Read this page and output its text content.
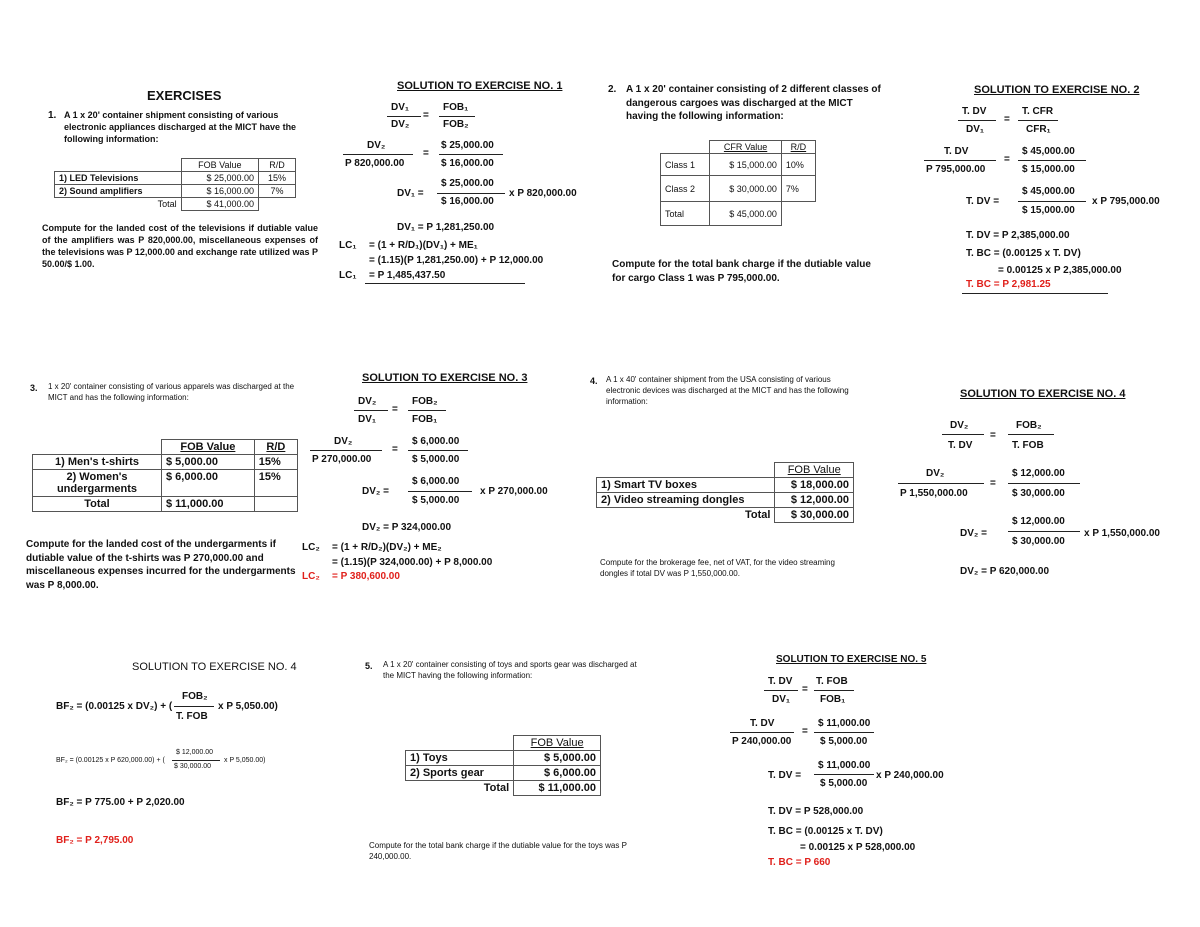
EXERCISES
1. A 1 x 20' container shipment consisting of various electronic appliances discharged at the MICT have the following information:
	FOB Value	R/D
1) LED Televisions	$ 25,000.00	15%
2) Sound amplifiers	$ 16,000.00	7%
Total	$ 41,000.00	
Compute for the landed cost of the televisions if dutiable value of the amplifiers was P 820,000.00, miscellaneous expenses of the televisions was P 12,000.00 and exchange rate utilized was P 50.00/$ 1.00.
SOLUTION TO EXERCISE NO. 1
DV₁
DV₂
=
FOB₁
FOB₂
DV₂
P 820,000.00
=
$ 25,000.00
$ 16,000.00
DV₁ =
$ 25,000.00
$ 16,000.00
x P 820,000.00
DV₁ = P 1,281,250.00
LC₁ = (1 + R/D₁)(DV₁) + ME₁
= (1.15)(P 1,281,250.00) + P 12,000.00
LC₁ = P 1,485,437.50
2. A 1 x 20' container consisting of 2 different classes of dangerous cargoes was discharged at the MICT having the following information:
	CFR Value	R/D
Class 1	$ 15,000.00	10%
Class 2	$ 30,000.00	7%
Total	$ 45,000.00	
Compute for the total bank charge if the dutiable value for cargo Class 1 was P 795,000.00.
SOLUTION TO EXERCISE NO. 2
T. DV
DV₁
=
T. CFR
CFR₁
T. DV
P 795,000.00
=
$ 45,000.00
$ 15,000.00
T. DV =
$ 45,000.00
$ 15,000.00
x P 795,000.00
T. DV = P 2,385,000.00
T. BC = (0.00125 x T. DV)
= 0.00125 x P 2,385,000.00
T. BC = P 2,981.25
3. 1 x 20' container consisting of various apparels was discharged at the MICT and has the following information:
	FOB Value	R/D
1) Men's t-shirts	$ 5,000.00	15%
2) Women's undergarments	$ 6,000.00	15%
Total	$ 11,000.00	
Compute for the landed cost of the undergarments if dutiable value of the t-shirts was P 270,000.00 and miscellaneous expenses incurred for the undergarments was P 8,000.00.
SOLUTION TO EXERCISE NO. 3
DV₂
DV₁
=
FOB₂
FOB₁
DV₂
P 270,000.00
=
$ 6,000.00
$ 5,000.00
DV₂ =
$ 6,000.00
$ 5,000.00
x P 270,000.00
DV₂ = P 324,000.00
LC₂ = (1 + R/D₂)(DV₂) + ME₂
= (1.15)(P 324,000.00) + P 8,000.00
LC₂ = P 380,600.00
4. A 1 x 40' container shipment from the USA consisting of various electronic devices was discharged at the MICT and has the following information:
	FOB Value
1) Smart TV boxes	$ 18,000.00
2) Video streaming dongles	$ 12,000.00
Total	$ 30,000.00
Compute for the brokerage fee, net of VAT, for the video streaming dongles if total DV was P 1,550,000.00.
SOLUTION TO EXERCISE NO. 4
DV₂
T. DV
=
FOB₂
T. FOB
DV₂
P 1,550,000.00
=
$ 12,000.00
$ 30,000.00
DV₂ =
$ 12,000.00
$ 30,000.00
x P 1,550,000.00
DV₂ = P 620,000.00
SOLUTION TO EXERCISE NO. 4
BF₂ = (0.00125 x DV₂) + (
FOB₂
T. FOB
x P 5,050.00)
BF₂ = (0.00125 x P 620,000.00) + (
$ 12,000.00
$ 30,000.00
x P 5,050.00)
BF₂ = P 775.00 + P 2,020.00
BF₂ = P 2,795.00
5. A 1 x 20' container consisting of toys and sports gear was discharged at the MICT having the following information:
	FOB Value
1) Toys	$ 5,000.00
2) Sports gear	$ 6,000.00
Total	$ 11,000.00
Compute for the total bank charge if the dutiable value for the toys was P 240,000.00.
SOLUTION TO EXERCISE NO. 5
T. DV
DV₁
=
T. FOB
FOB₁
T. DV
P 240,000.00
=
$ 11,000.00
$ 5,000.00
T. DV =
$ 11,000.00
$ 5,000.00
x P 240,000.00
T. DV = P 528,000.00
T. BC = (0.00125 x T. DV)
= 0.00125 x P 528,000.00
T. BC = P 660
